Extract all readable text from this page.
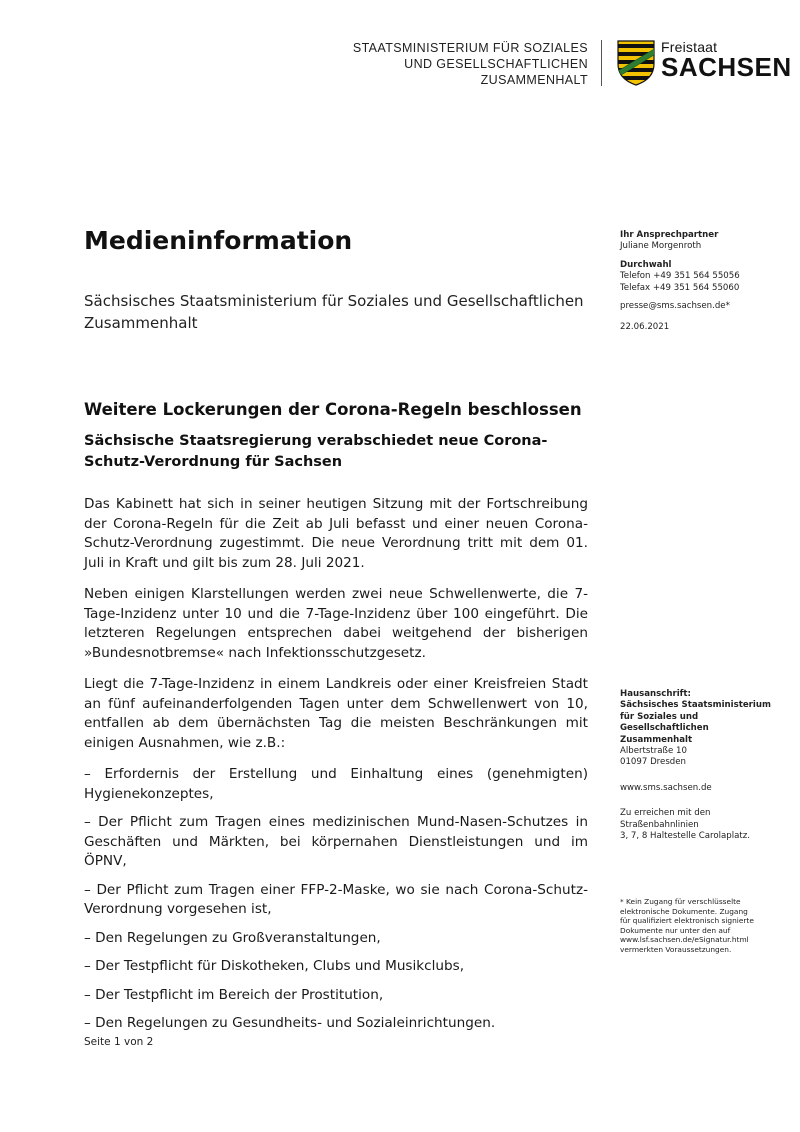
STAATSMINISTERIUM FÜR SOZIALES
UND GESELLSCHAFTLICHEN
ZUSAMMENHALT
Freistaat
SACHSEN
Medieninformation
Sächsisches Staatsministerium für Soziales und Gesellschaftlichen Zusammenhalt
Weitere Lockerungen der Corona-Regeln beschlossen
Sächsische Staatsregierung verabschiedet neue Corona-Schutz-Verordnung für Sachsen

Das Kabinett hat sich in seiner heutigen Sitzung mit der Fortschreibung der Corona-Regeln für die Zeit ab Juli befasst und einer neuen Corona-Schutz-Verordnung zugestimmt. Die neue Verordnung tritt mit dem 01. Juli in Kraft und gilt bis zum 28. Juli 2021.

Neben einigen Klarstellungen werden zwei neue Schwellenwerte, die 7-Tage-Inzidenz unter 10 und die 7-Tage-Inzidenz über 100 eingeführt. Die letzteren Regelungen entsprechen dabei weitgehend der bisherigen »Bundesnotbremse« nach Infektionsschutzgesetz.

Liegt die 7-Tage-Inzidenz in einem Landkreis oder einer Kreisfreien Stadt an fünf aufeinanderfolgenden Tagen unter dem Schwellenwert von 10, entfallen ab dem übernächsten Tag die meisten Beschränkungen mit einigen Ausnahmen, wie z.B.:

– Erfordernis der Erstellung und Einhaltung eines (genehmigten) Hygienekonzeptes,

– Der Pflicht zum Tragen eines medizinischen Mund-Nasen-Schutzes in Geschäften und Märkten, bei körpernahen Dienstleistungen und im ÖPNV,

– Der Pflicht zum Tragen einer FFP-2-Maske, wo sie nach Corona-Schutz-Verordnung vorgesehen ist,

– Den Regelungen zu Großveranstaltungen,

– Der Testpflicht für Diskotheken, Clubs und Musikclubs,

– Der Testpflicht im Bereich der Prostitution,

– Den Regelungen zu Gesundheits- und Sozialeinrichtungen.

Seite 1 von 2
Ihr Ansprechpartner
Juliane Morgenroth
Durchwahl
Telefon +49 351 564 55056
Telefax +49 351 564 55060
presse@sms.sachsen.de*
22.06.2021
Hausanschrift:
Sächsisches Staatsministerium
für Soziales und
Gesellschaftlichen
Zusammenhalt
Albertstraße 10
01097 Dresden
www.sms.sachsen.de
Zu erreichen mit den
Straßenbahnlinien
3, 7, 8 Haltestelle Carolaplatz.
* Kein Zugang für verschlüsselte
elektronische Dokumente. Zugang
für qualifiziert elektronisch signierte
Dokumente nur unter den auf
www.lsf.sachsen.de/eSignatur.html
vermerkten Voraussetzungen.
